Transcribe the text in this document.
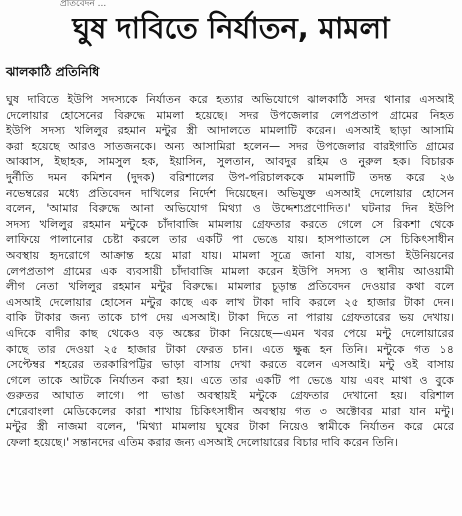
প্রতিবেদন ...
ঘুষ দাবিতে নির্যাতন, মামলা
ঝালকাঠি প্রতিনিধি
ঘুষ দাবিতে ইউপি সদস্যকে নির্যাতন করে হত্যার অভিযোগে ঝালকাঠি সদর থানার এসআই
দেলোয়ার হোসেনের বিরুদ্ধে মামলা হয়েছে। সদর উপজেলার লেপপ্রতাপ গ্রামের নিহত
ইউপি সদস্য খলিলুর রহমান মন্টুর স্ত্রী আদালতে মামলাটি করেন। এসআই ছাড়া আসামি
করা হয়েছে আরও সাতজনকে। অন্য আসামিরা হলেন— সদর উপজেলার বারইগাতি গ্রামের
আব্বাস, ইছাহক, সামসুল হক, ইয়াসিন, সুলতান, আবদুর রহিম ও নুরুল হক। বিচারক
দুর্নীতি দমন কমিশন (দুদক) বরিশালের উপ-পরিচালককে মামলাটি তদন্ত করে ২৬
নভেম্বরের মধ্যে প্রতিবেদন দাখিলের নির্দেশ দিয়েছেন। অভিযুক্ত এসআই দেলোয়ার হোসেন
বলেন, 'আমার বিরুদ্ধে আনা অভিযোগ মিথ্যা ও উদ্দেশ্যপ্রণোদিত।' ঘটনার দিন ইউপি
সদস্য খলিলুর রহমান মন্টুকে চাঁদাবাজি মামলায় গ্রেফতার করতে গেলে সে রিকশা থেকে
লাফিয়ে পালানোর চেষ্টা করলে তার একটি পা ভেঙে যায়। হাসপাতালে সে চিকিৎসাধীন
অবস্থায় হৃদরোগে আক্রান্ত হয়ে মারা যায়। মামলা সূত্রে জানা যায়, বাসন্ডা ইউনিয়নের
লেপপ্রতাপ গ্রামের এক ব্যবসায়ী চাঁদাবাজি মামলা করেন ইউপি সদস্য ও স্থানীয় আওয়ামী
লীগ নেতা খলিলুর রহমান মন্টুর বিরুদ্ধে। মামলার চূড়ান্ত প্রতিবেদন দেওয়ার কথা বলে
এসআই দেলোয়ার হোসেন মন্টুর কাছে এক লাখ টাকা দাবি করলে ২৫ হাজার টাকা দেন।
বাকি টাকার জন্য তাকে চাপ দেয় এসআই। টাকা দিতে না পারায় গ্রেফতারের ভয় দেখায়।
এদিকে বাদীর কাছ থেকেও বড় অঙ্কের টাকা নিয়েছে—এমন খবর পেয়ে মন্টু দেলোয়ারের
কাছে তার দেওয়া ২৫ হাজার টাকা ফেরত চান। এতে ক্ষুব্ধ হন তিনি। মন্টুকে গত ১৪
সেপ্টেম্বর শহরের তরকারিপট্টির ভাড়া বাসায় দেখা করতে বলেন এসআই। মন্টু ওই বাসায়
গেলে তাকে আটকে নির্যাতন করা হয়। এতে তার একটি পা ভেঙে যায় এবং মাথা ও বুকে
গুরুতর আঘাত লাগে। পা ভাঙা অবস্থায়ই মন্টুকে গ্রেফতার দেখানো হয়। বরিশাল
শেরেবাংলা মেডিকেলের কারা শাখায় চিকিৎসাধীন অবস্থায় গত ৩ অক্টোবর মারা যান মন্টু।
মন্টুর স্ত্রী নাজমা বলেন, 'মিথ্যা মামলায় ঘুষের টাকা নিয়েও স্বামীকে নির্যাতন করে মেরে
ফেলা হয়েছে।' সন্তানদের এতিম করার জন্য এসআই দেলোয়ারের বিচার দাবি করেন তিনি।
